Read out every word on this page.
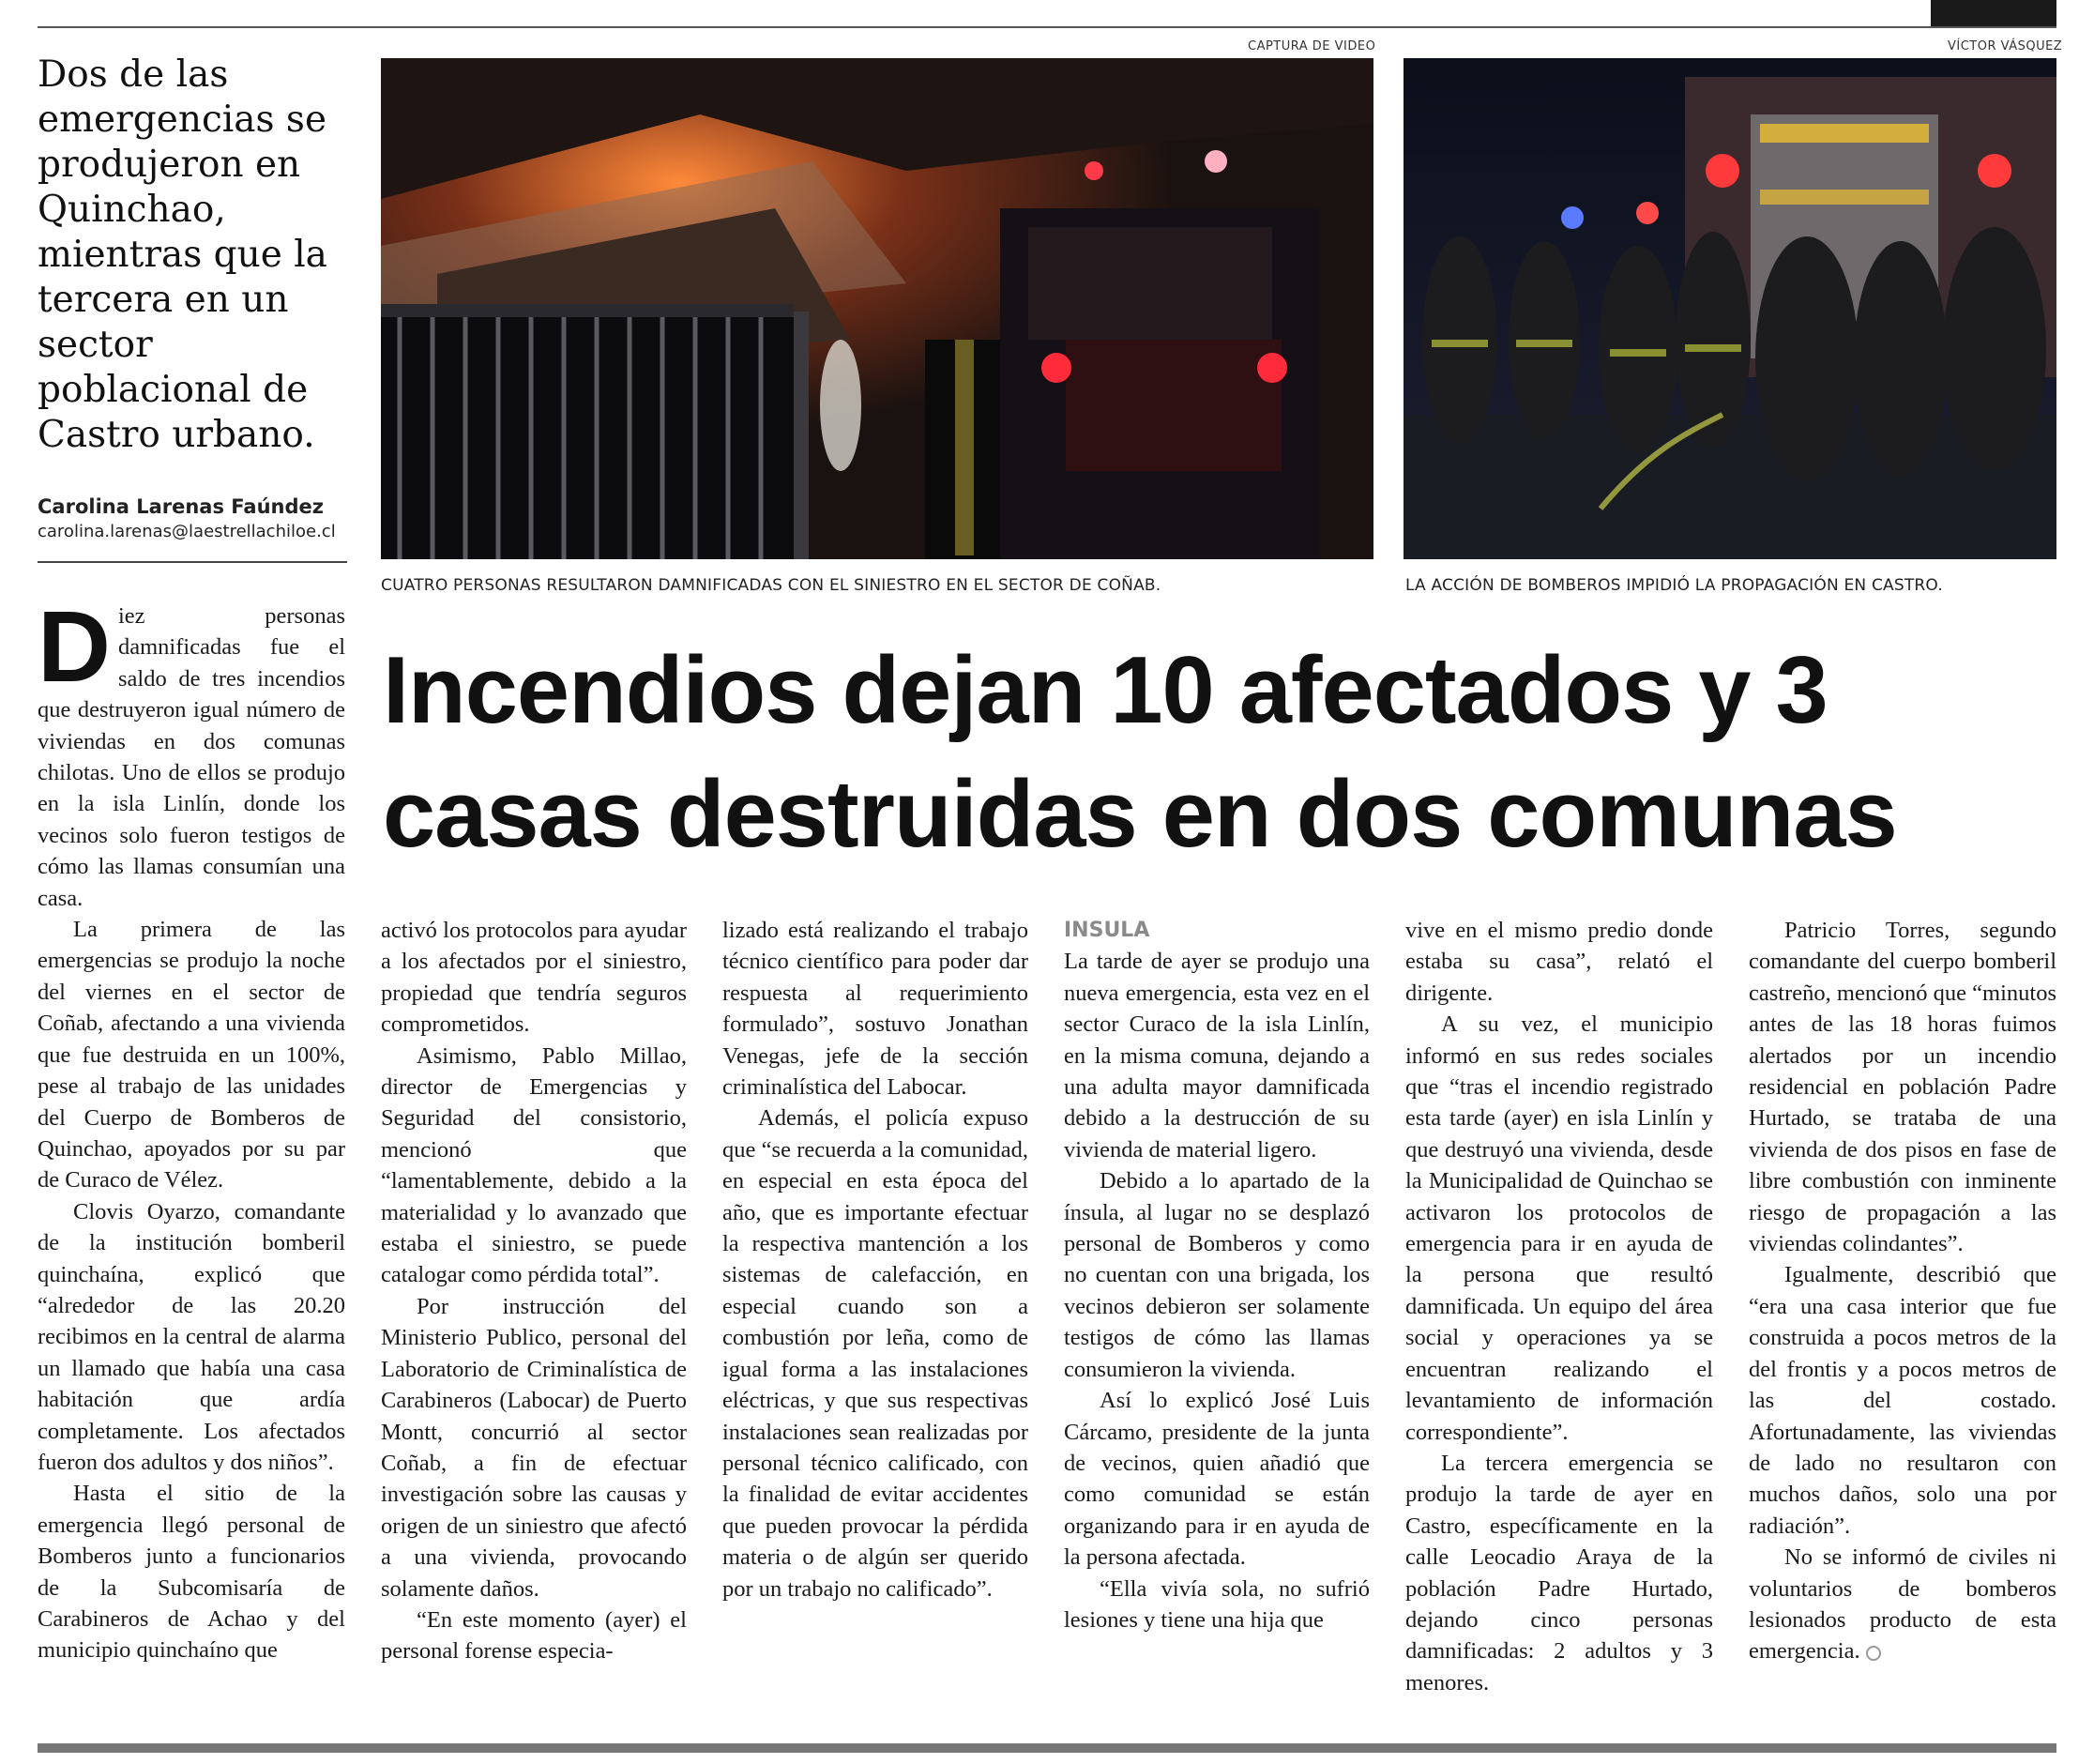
CAPTURA DE VIDEO	VÍCTOR VÁSQUEZ
CUATRO PERSONAS RESULTARON DAMNIFICADAS CON EL SINIESTRO EN EL SECTOR DE COÑAB.	LA ACCIÓN DE BOMBEROS IMPIDIÓ LA PROPAGACIÓN EN CASTRO.
Dos de las emergencias se produjeron en Quinchao, mientras que la tercera en un sector poblacional de Castro urbano.
Carolina Larenas Faúndez
carolina.larenas@laestrellachiloe.cl
Incendios dejan 10 afectados y 3 casas destruidas en dos comunas

Diez personas damnificadas fue el saldo de tres incendios que destruyeron igual número de viviendas en dos comunas chilotas. Uno de ellos se produjo en la isla Linlín, donde los vecinos solo fueron testigos de cómo las llamas consumían una casa.

La primera de las emergencias se produjo la noche del viernes en el sector de Coñab, afectando a una vivienda que fue destruida en un 100%, pese al trabajo de las unidades del Cuerpo de Bomberos de Quinchao, apoyados por su par de Curaco de Vélez.

Clovis Oyarzo, comandante de la institución bomberil quinchaína, explicó que “alrededor de las 20.20 recibimos en la central de alarma un llamado que había una casa habitación que ardía completamente. Los afectados fueron dos adultos y dos niños”.

Hasta el sitio de la emergencia llegó personal de Bomberos junto a funcionarios de la Subcomisaría de Carabineros de Achao y del municipio quinchaíno que

activó los protocolos para ayudar a los afectados por el siniestro, propiedad que tendría seguros comprometidos.

Asimismo, Pablo Millao, director de Emergencias y Seguridad del consistorio, mencionó que “lamentablemente, debido a la materialidad y lo avanzado que estaba el siniestro, se puede catalogar como pérdida total”.

Por instrucción del Ministerio Publico, personal del Laboratorio de Criminalística de Carabineros (Labocar) de Puerto Montt, concurrió al sector Coñab, a fin de efectuar investigación sobre las causas y origen de un siniestro que afectó a una vivienda, provocando solamente daños.

“En este momento (ayer) el personal forense especia-

lizado está realizando el trabajo técnico científico para poder dar respuesta al requerimiento formulado”, sostuvo Jonathan Venegas, jefe de la sección criminalística del Labocar.

Además, el policía expuso que “se recuerda a la comunidad, en especial en esta época del año, que es importante efectuar la respectiva mantención a los sistemas de calefacción, en especial cuando son a combustión por leña, como de igual forma a las instalaciones eléctricas, y que sus respectivas instalaciones sean realizadas por personal técnico calificado, con la finalidad de evitar accidentes que pueden provocar la pérdida materia o de algún ser querido por un trabajo no calificado”.

INSULA

La tarde de ayer se produjo una nueva emergencia, esta vez en el sector Curaco de la isla Linlín, en la misma comuna, dejando a una adulta mayor damnificada debido a la destrucción de su vivienda de material ligero.

Debido a lo apartado de la ínsula, al lugar no se desplazó personal de Bomberos y como no cuentan con una brigada, los vecinos debieron ser solamente testigos de cómo las llamas consumieron la vivienda.

Así lo explicó José Luis Cárcamo, presidente de la junta de vecinos, quien añadió que como comunidad se están organizando para ir en ayuda de la persona afectada.

“Ella vivía sola, no sufrió lesiones y tiene una hija que

vive en el mismo predio donde estaba su casa”, relató el dirigente.

A su vez, el municipio informó en sus redes sociales que “tras el incendio registrado esta tarde (ayer) en isla Linlín y que destruyó una vivienda, desde la Municipalidad de Quinchao se activaron los protocolos de emergencia para ir en ayuda de la persona que resultó damnificada. Un equipo del área social y operaciones ya se encuentran realizando el levantamiento de información correspondiente”.

La tercera emergencia se produjo la tarde de ayer en Castro, específicamente en la calle Leocadio Araya de la población Padre Hurtado, dejando cinco personas damnificadas: 2 adultos y 3 menores.

Patricio Torres, segundo comandante del cuerpo bomberil castreño, mencionó que “minutos antes de las 18 horas fuimos alertados por un incendio residencial en población Padre Hurtado, se trataba de una vivienda de dos pisos en fase de libre combustión con inminente riesgo de propagación a las viviendas colindantes”.

Igualmente, describió que “era una casa interior que fue construida a pocos metros de la del frontis y a pocos metros de las del costado. Afortunadamente, las viviendas de lado no resultaron con muchos daños, solo una por radiación”.

No se informó de civiles ni voluntarios de bomberos lesionados producto de esta emergencia.
